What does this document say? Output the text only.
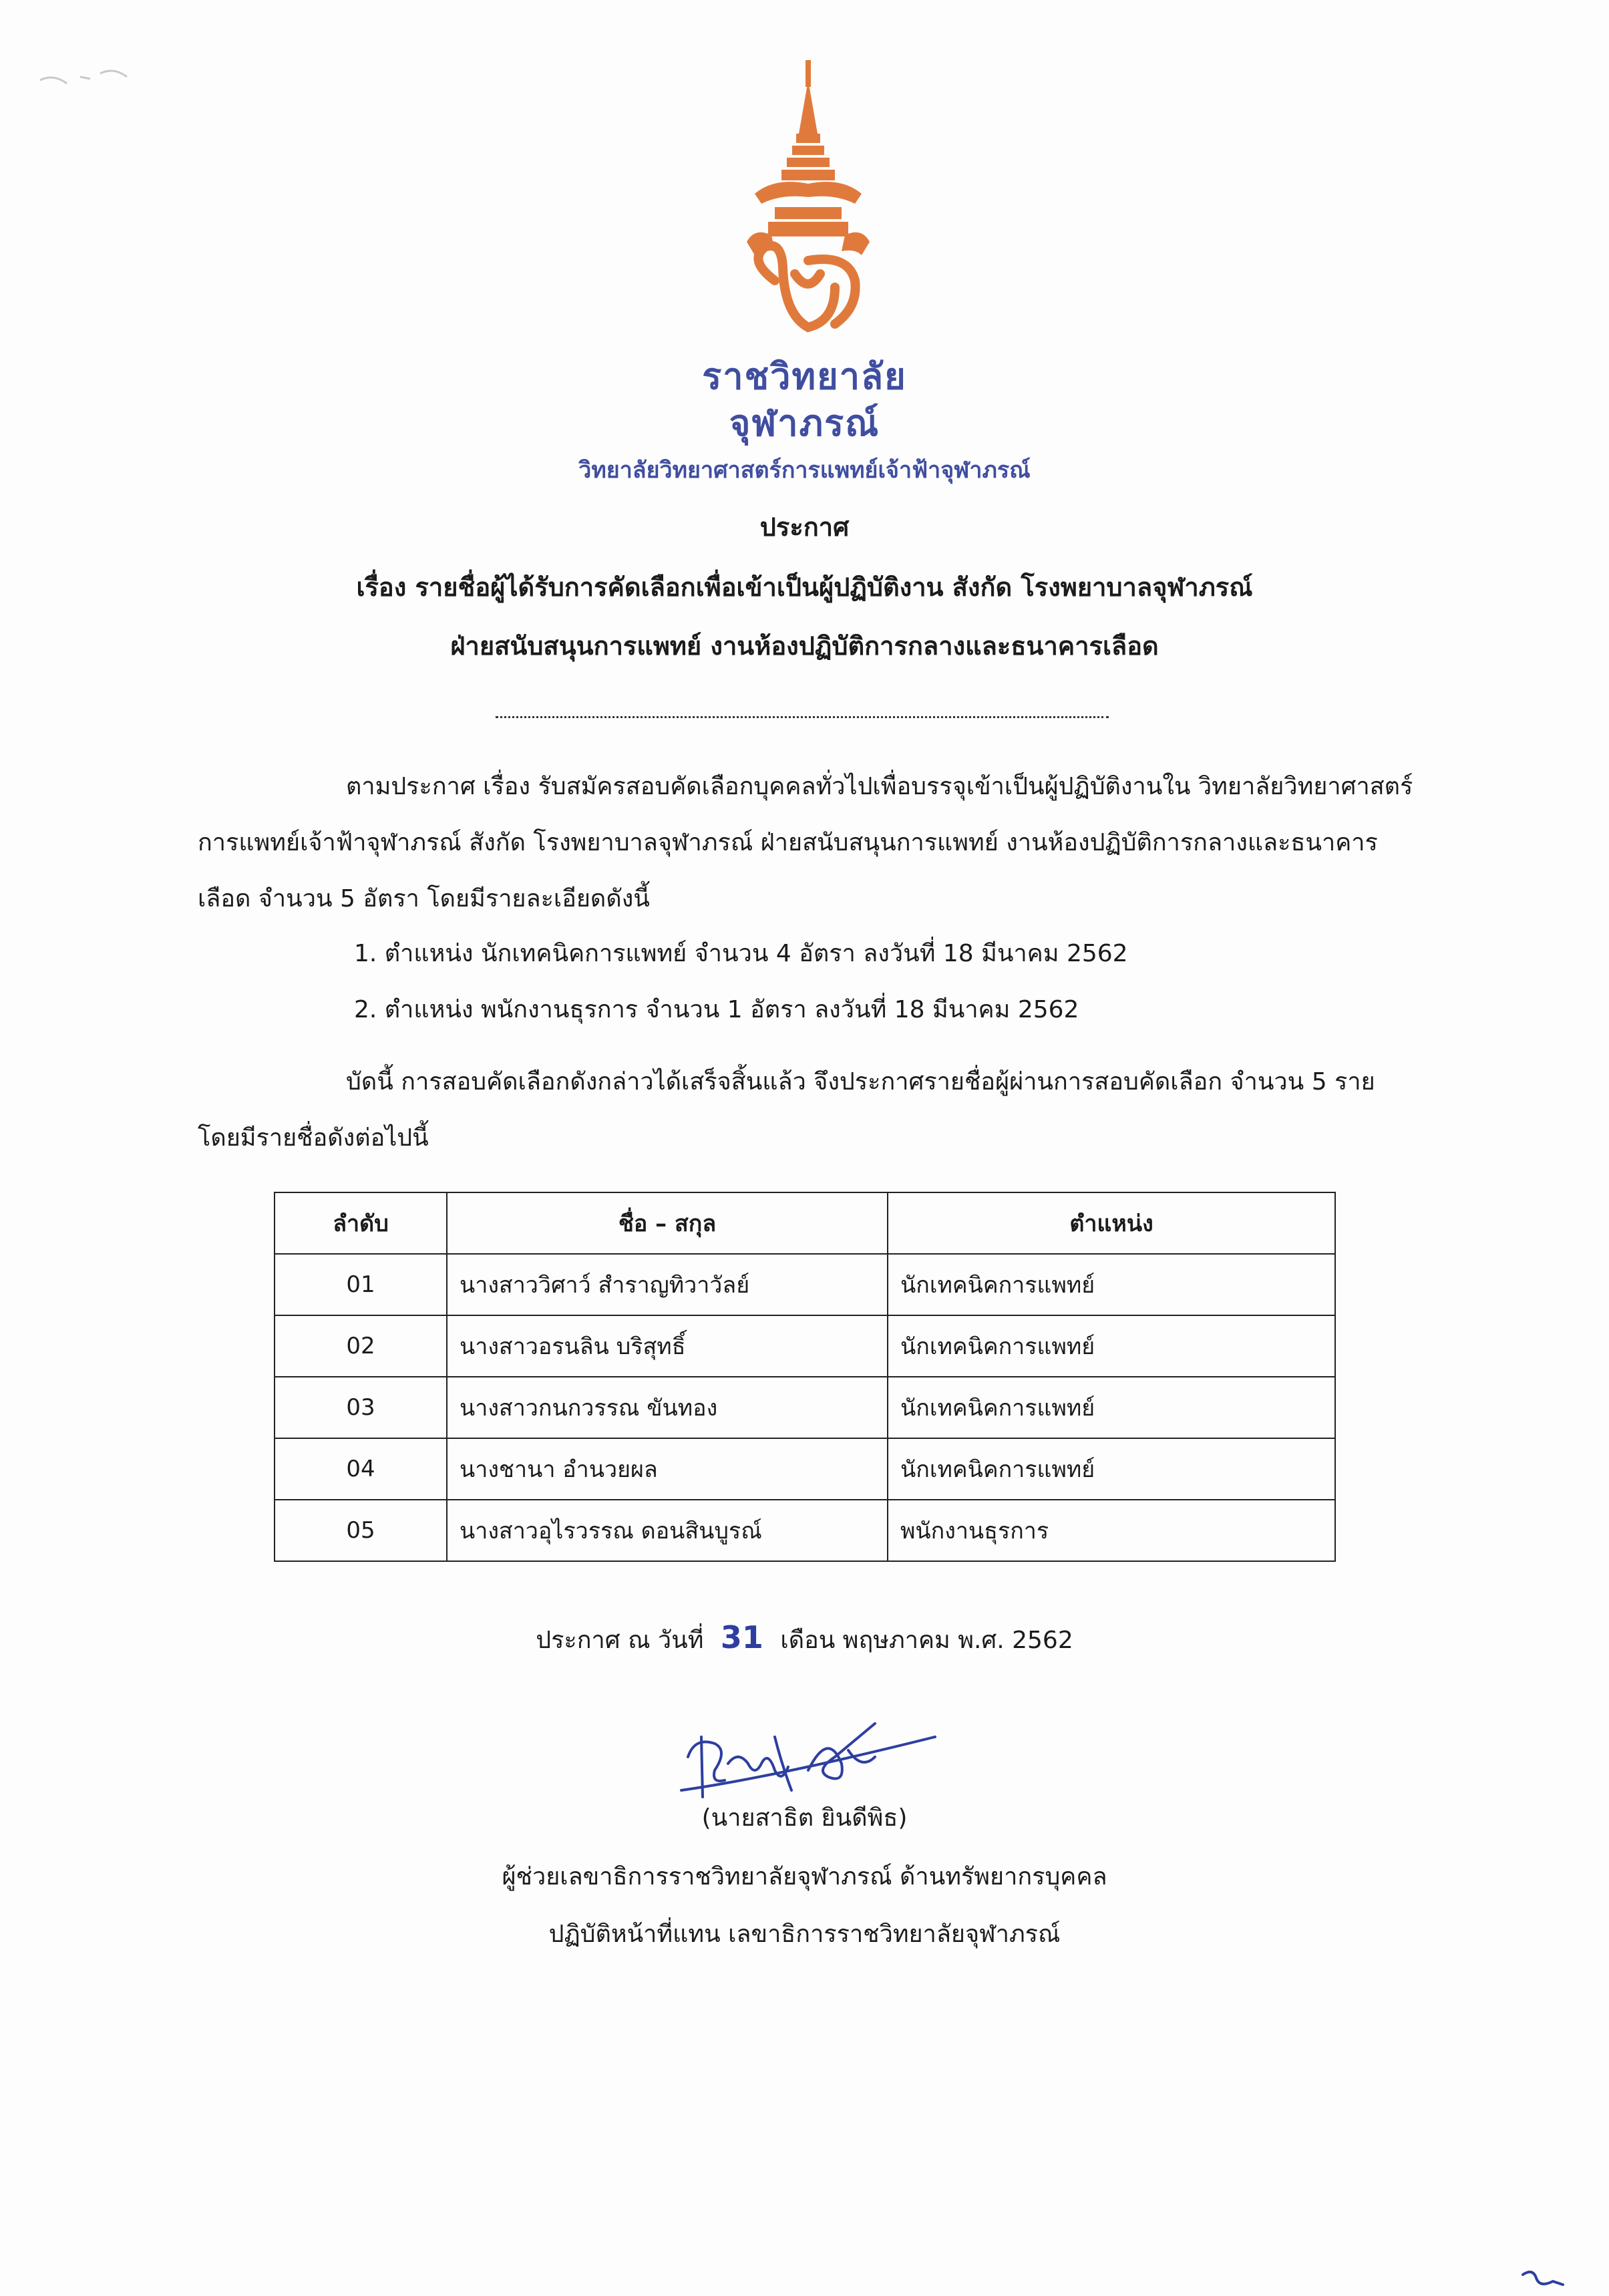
ราชวิทยาลัย
จุฬาภรณ์
วิทยาลัยวิทยาศาสตร์การแพทย์เจ้าฟ้าจุฬาภรณ์
ประกาศ
เรื่อง รายชื่อผู้ได้รับการคัดเลือกเพื่อเข้าเป็นผู้ปฏิบัติงาน สังกัด โรงพยาบาลจุฬาภรณ์
ฝ่ายสนับสนุนการแพทย์ งานห้องปฏิบัติการกลางและธนาคารเลือด
ตามประกาศ เรื่อง รับสมัครสอบคัดเลือกบุคคลทั่วไปเพื่อบรรจุเข้าเป็นผู้ปฏิบัติงานใน วิทยาลัยวิทยาศาสตร์การแพทย์เจ้าฟ้าจุฬาภรณ์ สังกัด โรงพยาบาลจุฬาภรณ์ ฝ่ายสนับสนุนการแพทย์ งานห้องปฏิบัติการกลางและธนาคารเลือด จำนวน 5 อัตรา โดยมีรายละเอียดดังนี้
1. ตำแหน่ง นักเทคนิคการแพทย์ จำนวน 4 อัตรา ลงวันที่ 18 มีนาคม 2562
2. ตำแหน่ง พนักงานธุรการ จำนวน 1 อัตรา ลงวันที่ 18 มีนาคม 2562
บัดนี้ การสอบคัดเลือกดังกล่าวได้เสร็จสิ้นแล้ว จึงประกาศรายชื่อผู้ผ่านการสอบคัดเลือก จำนวน 5 ราย โดยมีรายชื่อดังต่อไปนี้
ลำดับ	ชื่อ – สกุล	ตำแหน่ง
01	นางสาววิศาว์ สำราญทิวาวัลย์	นักเทคนิคการแพทย์
02	นางสาวอรนลิน บริสุทธิ์	นักเทคนิคการแพทย์
03	นางสาวกนกวรรณ ขันทอง	นักเทคนิคการแพทย์
04	นางชานา อำนวยผล	นักเทคนิคการแพทย์
05	นางสาวอุไรวรรณ ดอนสินบูรณ์	พนักงานธุรการ
ประกาศ ณ วันที่ 31 เดือน พฤษภาคม พ.ศ. 2562
(นายสาธิต ยินดีพิธ)
ผู้ช่วยเลขาธิการราชวิทยาลัยจุฬาภรณ์ ด้านทรัพยากรบุคคล
ปฏิบัติหน้าที่แทน เลขาธิการราชวิทยาลัยจุฬาภรณ์
